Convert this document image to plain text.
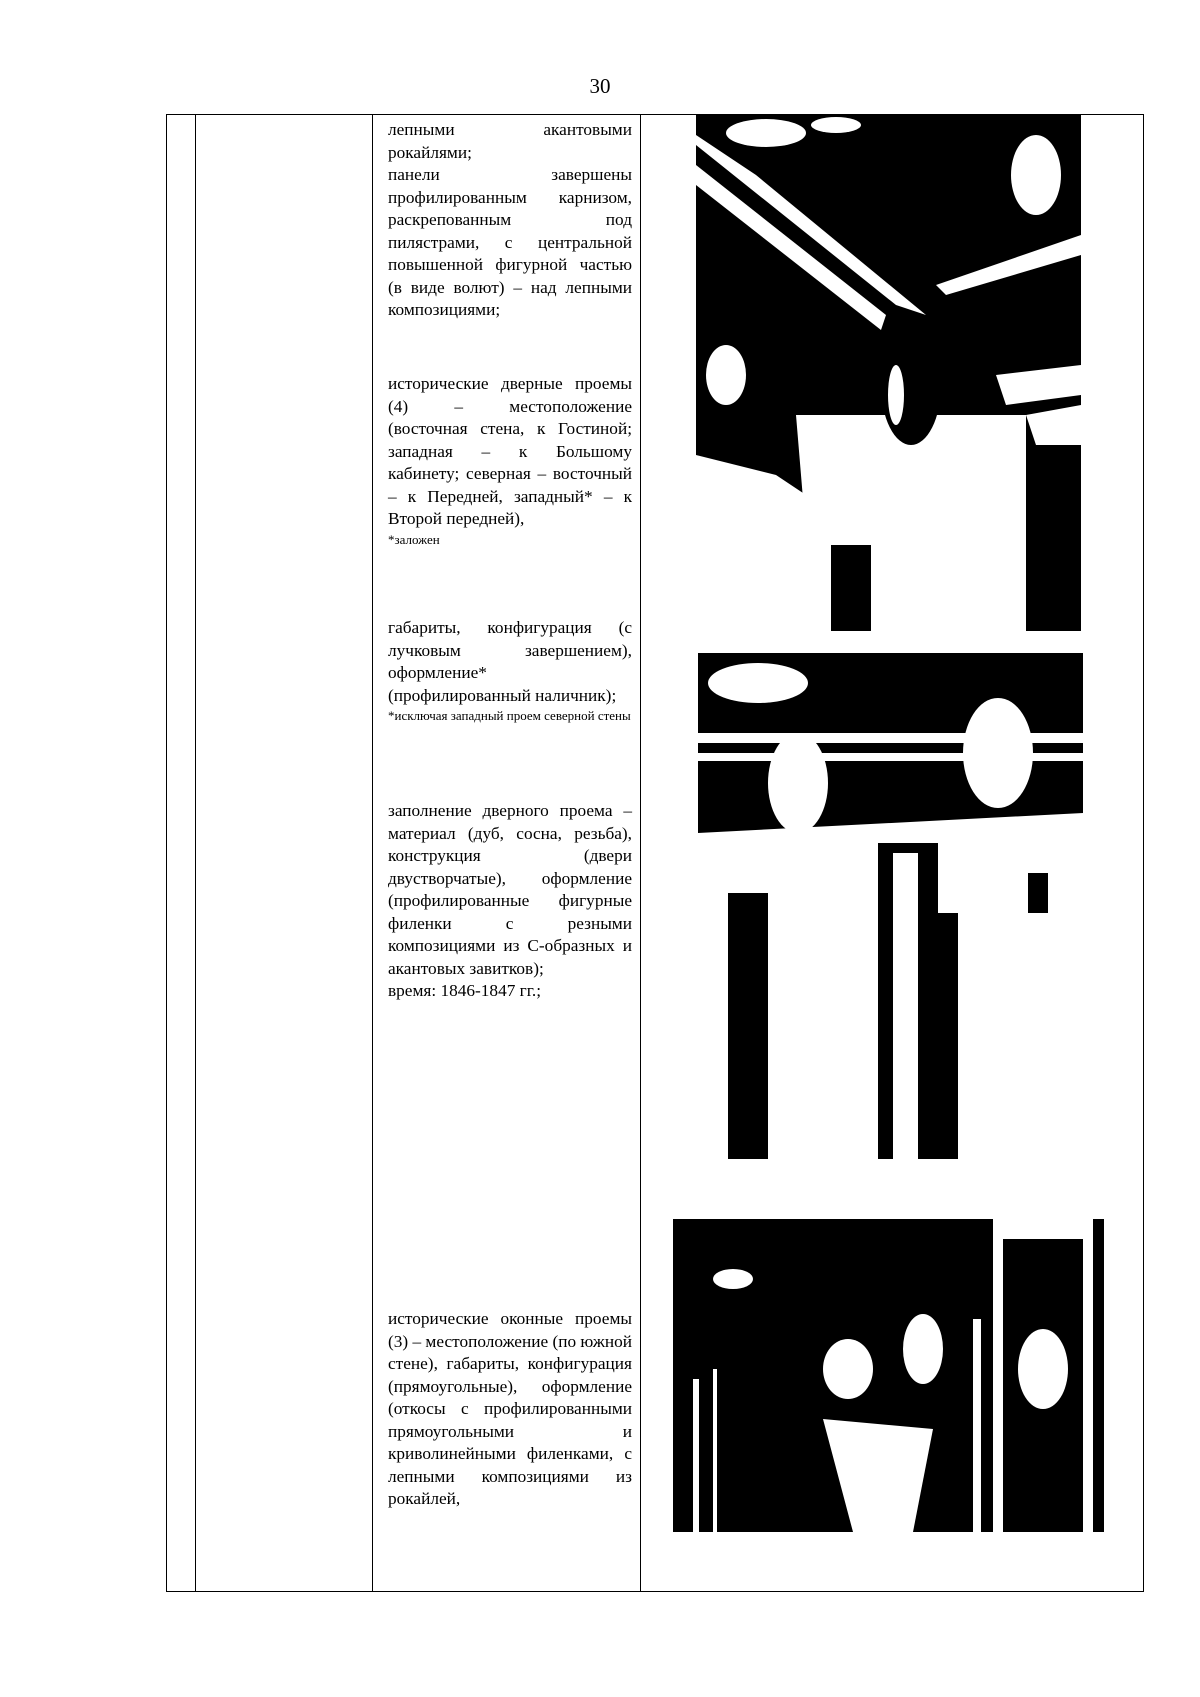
30
лепными акантовыми рокайлями;
панели завершены профилированным карнизом, раскрепованным под пилястрами, с центральной повышенной фигурной частью (в виде волют) – над лепными композициями;
исторические дверные проемы (4) – местоположение (восточная стена, к Гостиной; западная – к Большому кабинету; северная – восточный – к Передней, западный* – к Второй передней),
*заложен
габариты, конфигурация (с лучковым завершением), оформление* (профилированный наличник);
*исключая западный проем северной стены
заполнение дверного проема – материал (дуб, сосна, резьба), конструкция (двери двустворчатые), оформление (профилированные фигурные филенки с резными композициями из С-образных и акантовых завитков);
время: 1846-1847 гг.;
исторические оконные проемы (3) – местоположение (по южной стене), габариты, конфигурация (прямоугольные), оформление (откосы с профилированными прямоугольными и криволинейными филенками, с лепными композициями из рокайлей,
